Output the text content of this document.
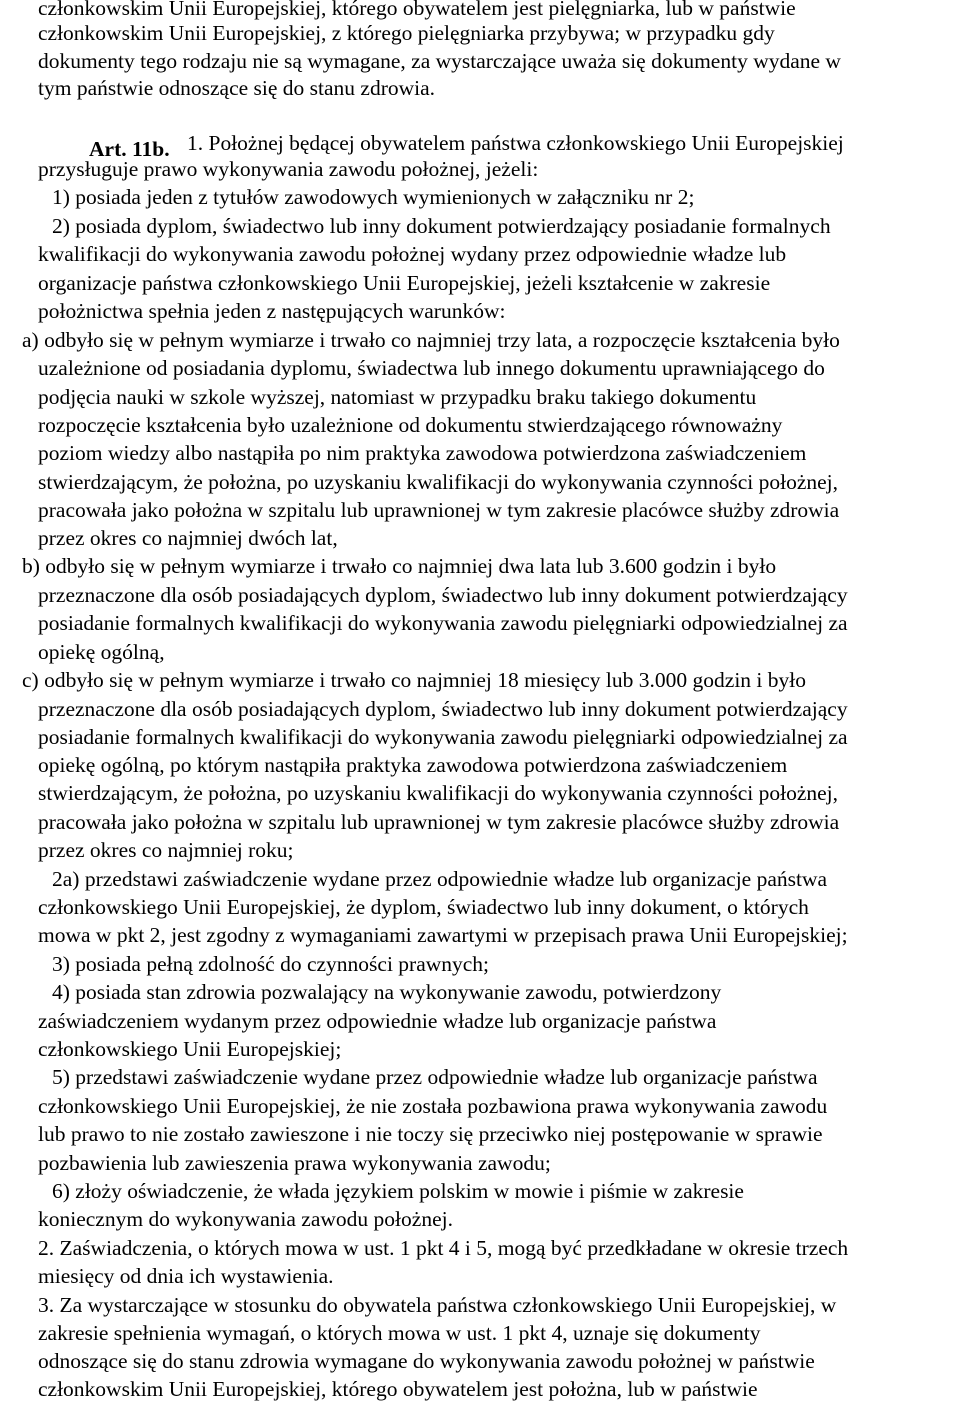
Art. 11b.
członkowskim Unii Europejskiej, którego obywatelem jest pielęgniarka, lub w państwie
członkowskim Unii Europejskiej, z którego pielęgniarka przybywa; w przypadku gdy
dokumenty tego rodzaju nie są wymagane, za wystarczające uważa się dokumenty wydane w
tym państwie odnoszące się do stanu zdrowia.
1. Położnej będącej obywatelem państwa członkowskiego Unii Europejskiej
przysługuje prawo wykonywania zawodu położnej, jeżeli:
1) posiada jeden z tytułów zawodowych wymienionych w załączniku nr 2;
2) posiada dyplom, świadectwo lub inny dokument potwierdzający posiadanie formalnych
kwalifikacji do wykonywania zawodu położnej wydany przez odpowiednie władze lub
organizacje państwa członkowskiego Unii Europejskiej, jeżeli kształcenie w zakresie
położnictwa spełnia jeden z następujących warunków:
a) odbyło się w pełnym wymiarze i trwało co najmniej trzy lata, a rozpoczęcie kształcenia było
uzależnione od posiadania dyplomu, świadectwa lub innego dokumentu uprawniającego do
podjęcia nauki w szkole wyższej, natomiast w przypadku braku takiego dokumentu
rozpoczęcie kształcenia było uzależnione od dokumentu stwierdzającego równoważny
poziom wiedzy albo nastąpiła po nim praktyka zawodowa potwierdzona zaświadczeniem
stwierdzającym, że położna, po uzyskaniu kwalifikacji do wykonywania czynności położnej,
pracowała jako położna w szpitalu lub uprawnionej w tym zakresie placówce służby zdrowia
przez okres co najmniej dwóch lat,
b) odbyło się w pełnym wymiarze i trwało co najmniej dwa lata lub 3.600 godzin i było
przeznaczone dla osób posiadających dyplom, świadectwo lub inny dokument potwierdzający
posiadanie formalnych kwalifikacji do wykonywania zawodu pielęgniarki odpowiedzialnej za
opiekę ogólną,
c) odbyło się w pełnym wymiarze i trwało co najmniej 18 miesięcy lub 3.000 godzin i było
przeznaczone dla osób posiadających dyplom, świadectwo lub inny dokument potwierdzający
posiadanie formalnych kwalifikacji do wykonywania zawodu pielęgniarki odpowiedzialnej za
opiekę ogólną, po którym nastąpiła praktyka zawodowa potwierdzona zaświadczeniem
stwierdzającym, że położna, po uzyskaniu kwalifikacji do wykonywania czynności położnej,
pracowała jako położna w szpitalu lub uprawnionej w tym zakresie placówce służby zdrowia
przez okres co najmniej roku;
2a) przedstawi zaświadczenie wydane przez odpowiednie władze lub organizacje państwa
członkowskiego Unii Europejskiej, że dyplom, świadectwo lub inny dokument, o których
mowa w pkt 2, jest zgodny z wymaganiami zawartymi w przepisach prawa Unii Europejskiej;
3) posiada pełną zdolność do czynności prawnych;
4) posiada stan zdrowia pozwalający na wykonywanie zawodu, potwierdzony
zaświadczeniem wydanym przez odpowiednie władze lub organizacje państwa
członkowskiego Unii Europejskiej;
5) przedstawi zaświadczenie wydane przez odpowiednie władze lub organizacje państwa
członkowskiego Unii Europejskiej, że nie została pozbawiona prawa wykonywania zawodu
lub prawo to nie zostało zawieszone i nie toczy się przeciwko niej postępowanie w sprawie
pozbawienia lub zawieszenia prawa wykonywania zawodu;
6) złoży oświadczenie, że włada językiem polskim w mowie i piśmie w zakresie
koniecznym do wykonywania zawodu położnej.
2. Zaświadczenia, o których mowa w ust. 1 pkt 4 i 5, mogą być przedkładane w okresie trzech
miesięcy od dnia ich wystawienia.
3. Za wystarczające w stosunku do obywatela państwa członkowskiego Unii Europejskiej, w
zakresie spełnienia wymagań, o których mowa w ust. 1 pkt 4, uznaje się dokumenty
odnoszące się do stanu zdrowia wymagane do wykonywania zawodu położnej w państwie
członkowskim Unii Europejskiej, którego obywatelem jest położna, lub w państwie
